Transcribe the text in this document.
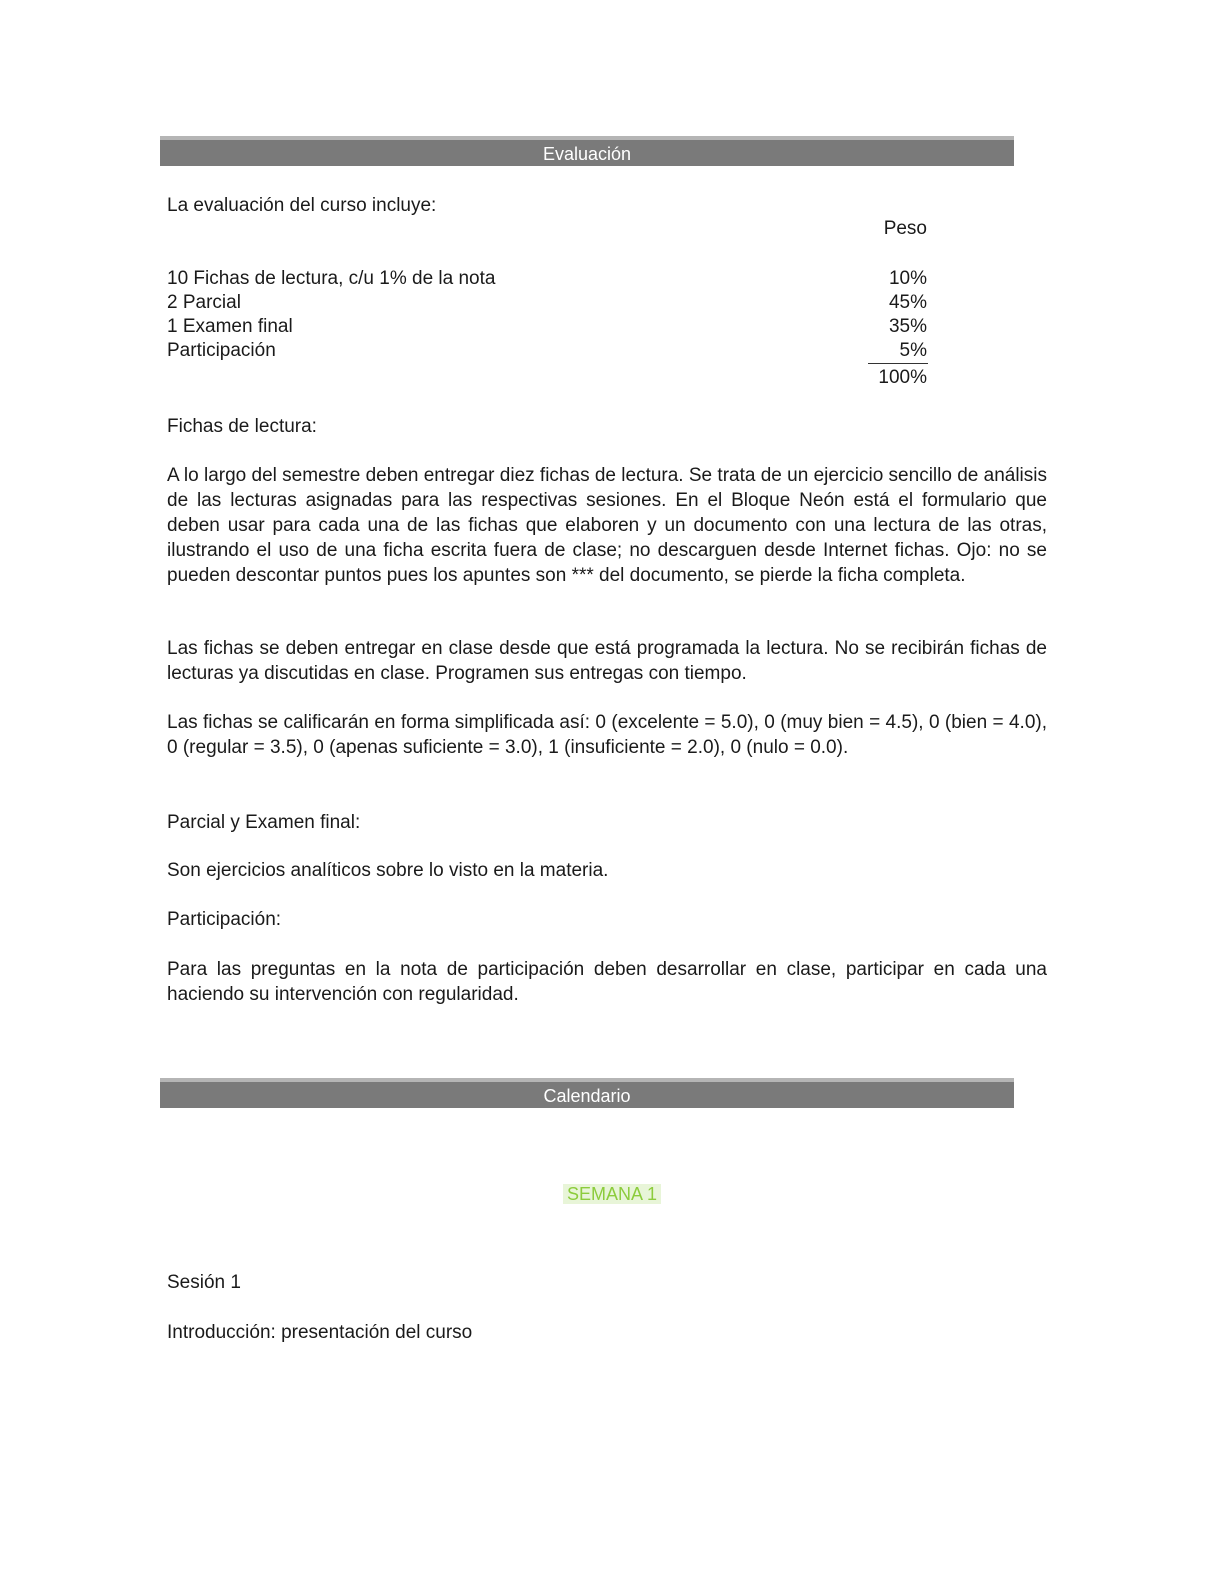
Evaluación

La evaluación del curso incluye:

Peso
10 Fichas de lectura, c/u 1% de la nota	10%
2 Parcial	45%
1 Examen final	35%
Participación	5%
100%

Fichas de lectura:

A lo largo del semestre deben entregar diez fichas de lectura. Se trata de un ejercicio sencillo de análisis de las lecturas asignadas para las respectivas sesiones. En el Bloque Neón está el formulario que deben usar para cada una de las fichas que elaboren y un documento con una lectura de las otras, ilustrando el uso de una ficha escrita fuera de clase; no descarguen desde Internet fichas. Ojo: no se pueden descontar puntos pues los apuntes son *** del documento, se pierde la ficha completa.

Las fichas se deben entregar en clase desde que está programada la lectura. No se recibirán fichas de lecturas ya discutidas en clase. Programen sus entregas con tiempo.

Las fichas se calificarán en forma simplificada así: 0 (excelente = 5.0), 0 (muy bien = 4.5), 0 (bien = 4.0), 0 (regular = 3.5), 0 (apenas suficiente = 3.0), 1 (insuficiente = 2.0), 0 (nulo = 0.0).

Parcial y Examen final:

Son ejercicios analíticos sobre lo visto en la materia.

Participación:

Para las preguntas en la nota de participación deben desarrollar en clase, participar en cada una haciendo su intervención con regularidad.

Calendario
SEMANA 1

Sesión 1

Introducción: presentación del curso
